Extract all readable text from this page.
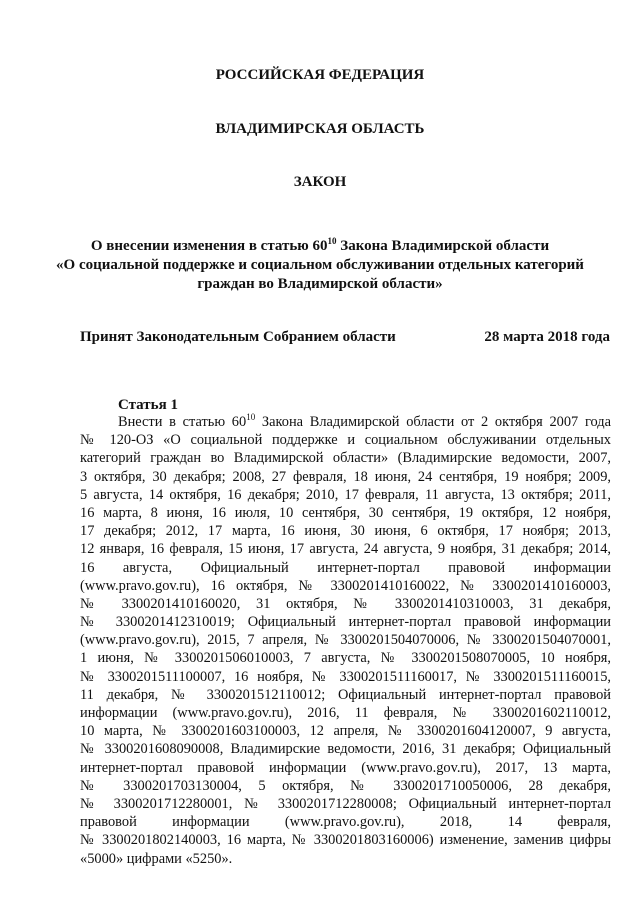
РОССИЙСКАЯ ФЕДЕРАЦИЯ
ВЛАДИМИРСКАЯ ОБЛАСТЬ
ЗАКОН
О внесении изменения в статью $60^{10}$ Закона Владимирской области
«О социальной поддержке и социальном обслуживании отдельных категорий
граждан во Владимирской области»
Принят Законодательным Собранием области	28 марта 2018 года
Статья 1
Внести в статью $60^{10}$ Закона Владимирской области от 2 октября 2007 года
№ 120-ОЗ «О социальной поддержке и социальном обслуживании отдельных
категорий граждан во Владимирской области» (Владимирские ведомости, 2007,
3 октября, 30 декабря; 2008, 27 февраля, 18 июня, 24 сентября, 19 ноября; 2009,
5 августа, 14 октября, 16 декабря; 2010, 17 февраля, 11 августа, 13 октября; 2011,
16 марта, 8 июня, 16 июля, 10 сентября, 30 сентября, 19 октября, 12 ноября,
17 декабря; 2012, 17 марта, 16 июня, 30 июня, 6 октября, 17 ноября; 2013,
12 января, 16 февраля, 15 июня, 17 августа, 24 августа, 9 ноября, 31 декабря; 2014,
16 августа, Официальный интернет-портал правовой информации
(www.pravo.gov.ru), 16 октября, № 3300201410160022, № 3300201410160003,
№ 3300201410160020, 31 октября, № 3300201410310003, 31 декабря,
№ 3300201412310019; Официальный интернет-портал правовой информации
(www.pravo.gov.ru), 2015, 7 апреля, № 3300201504070006, № 3300201504070001,
1 июня, № 3300201506010003, 7 августа, № 3300201508070005, 10 ноября,
№ 3300201511100007, 16 ноября, № 3300201511160017, № 3300201511160015,
11 декабря, № 3300201512110012; Официальный интернет-портал правовой
информации (www.pravo.gov.ru), 2016, 11 февраля, № 3300201602110012,
10 марта, № 3300201603100003, 12 апреля, № 3300201604120007, 9 августа,
№ 3300201608090008, Владимирские ведомости, 2016, 31 декабря; Официальный
интернет-портал правовой информации (www.pravo.gov.ru), 2017, 13 марта,
№ 3300201703130004, 5 октября, № 3300201710050006, 28 декабря,
№ 3300201712280001, № 3300201712280008; Официальный интернет-портал
правовой информации (www.pravo.gov.ru), 2018, 14 февраля,
№ 3300201802140003, 16 марта, № 3300201803160006) изменение, заменив цифры
«5000» цифрами «5250».
